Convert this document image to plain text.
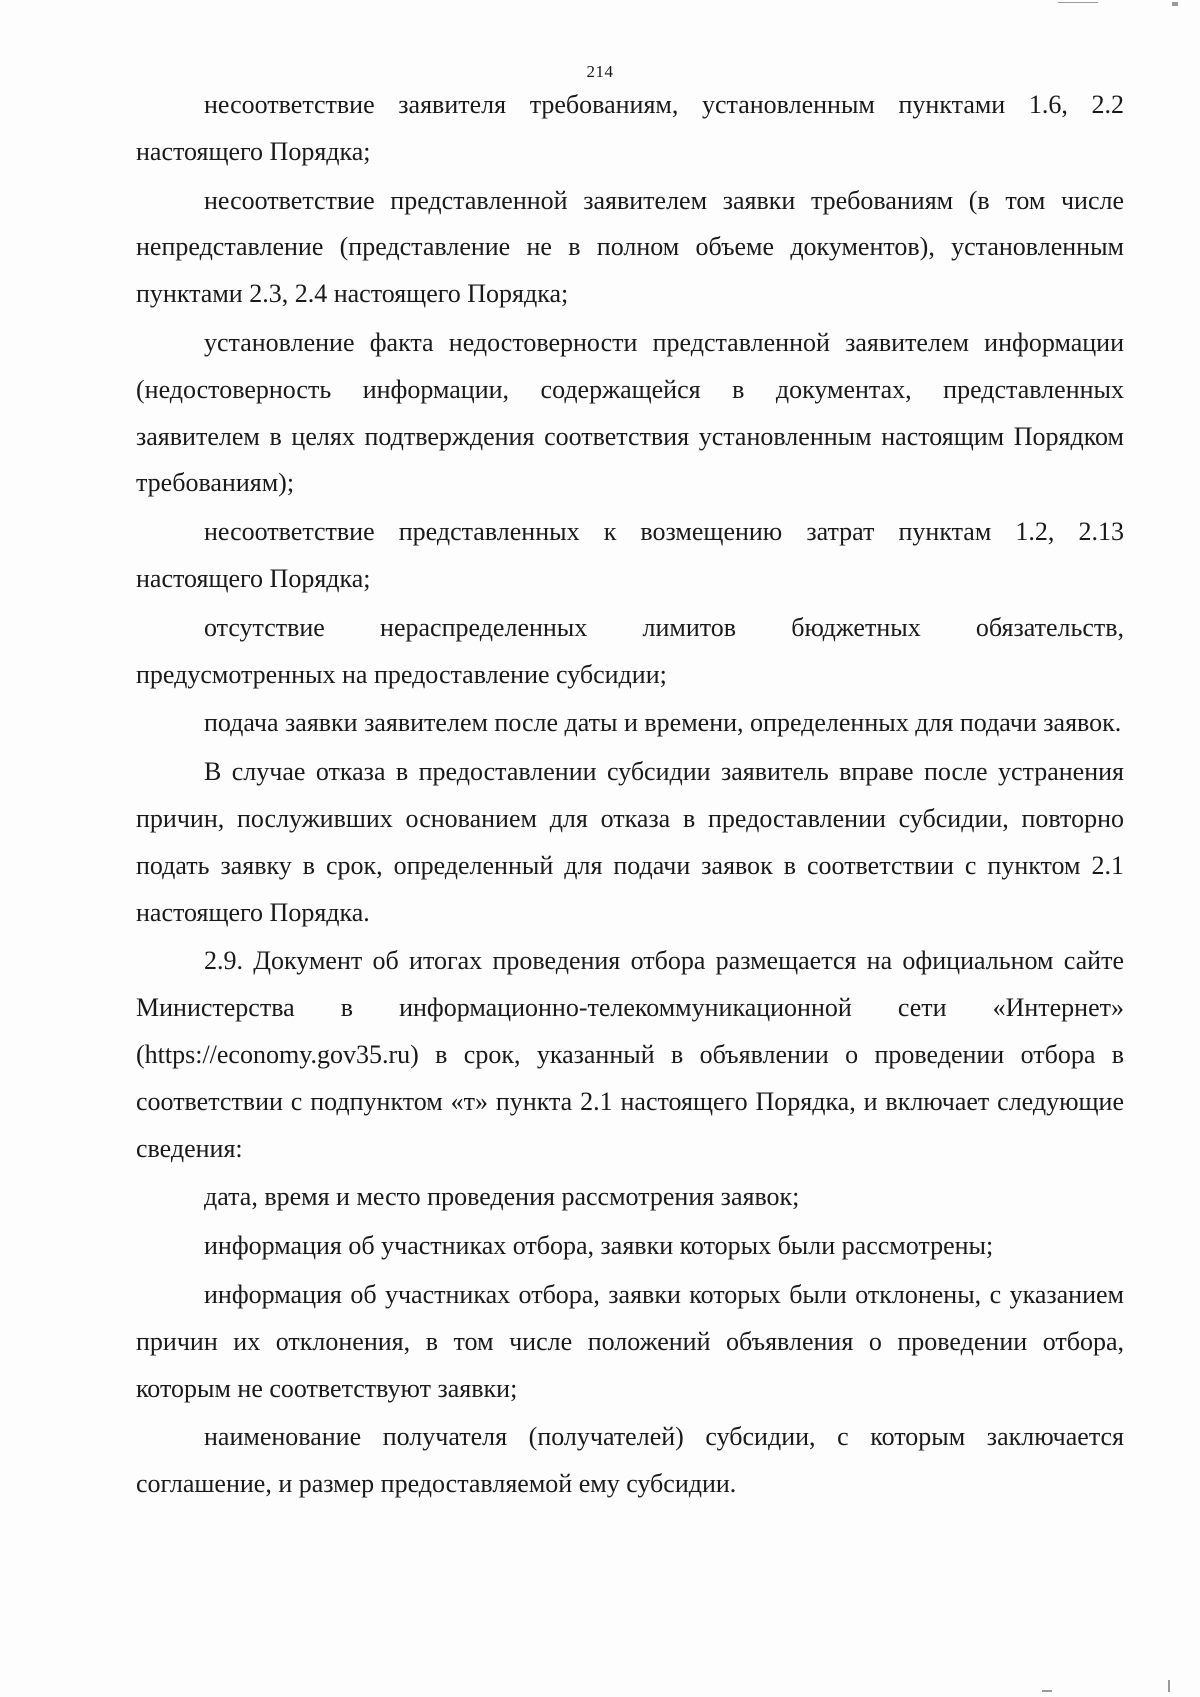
214

несоответствие заявителя требованиям, установленным пунктами 1.6, 2.2 настоящего Порядка;

несоответствие представленной заявителем заявки требованиям (в том числе непредставление (представление не в полном объеме документов), установленным пунктами 2.3, 2.4 настоящего Порядка;

установление факта недостоверности представленной заявителем информации (недостоверность информации, содержащейся в документах, представленных заявителем в целях подтверждения соответствия установленным настоящим Порядком требованиям);

несоответствие представленных к возмещению затрат пунктам 1.2, 2.13 настоящего Порядка;

отсутствие нераспределенных лимитов бюджетных обязательств, предусмотренных на предоставление субсидии;

подача заявки заявителем после даты и времени, определенных для подачи заявок.

В случае отказа в предоставлении субсидии заявитель вправе после устранения причин, послуживших основанием для отказа в предоставлении субсидии, повторно подать заявку в срок, определенный для подачи заявок в соответствии с пунктом 2.1 настоящего Порядка.

2.9. Документ об итогах проведения отбора размещается на официальном сайте Министерства в информационно-телекоммуникационной сети «Интернет» (https://economy.gov35.ru) в срок, указанный в объявлении о проведении отбора в соответствии с подпунктом «т» пункта 2.1 настоящего Порядка, и включает следующие сведения:

дата, время и место проведения рассмотрения заявок;

информация об участниках отбора, заявки которых были рассмотрены;

информация об участниках отбора, заявки которых были отклонены, с указанием причин их отклонения, в том числе положений объявления о проведении отбора, которым не соответствуют заявки;

наименование получателя (получателей) субсидии, с которым заключается соглашение, и размер предоставляемой ему субсидии.
